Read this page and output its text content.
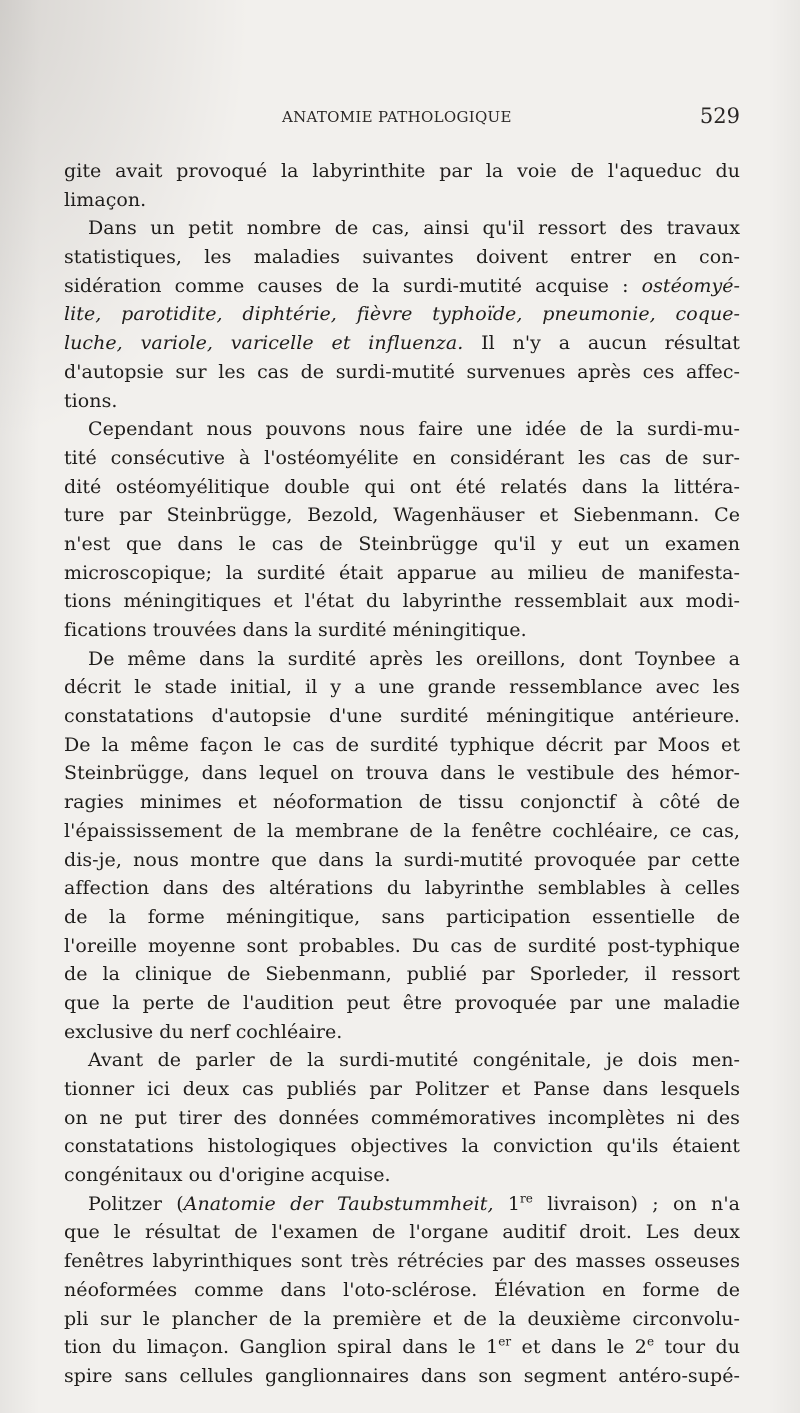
ANATOMIE PATHOLOGIQUE	529
gite avait provoqué la labyrinthite par la voie de l'aqueduc du
limaçon.
Dans un petit nombre de cas, ainsi qu'il ressort des travaux
statistiques, les maladies suivantes doivent entrer en con-
sidération comme causes de la surdi-mutité acquise : ostéomyé-
lite, parotidite, diphtérie, fièvre typhoïde, pneumonie, coque-
luche, variole, varicelle et influenza. Il n'y a aucun résultat
d'autopsie sur les cas de surdi-mutité survenues après ces affec-
tions.
Cependant nous pouvons nous faire une idée de la surdi-mu-
tité consécutive à l'ostéomyélite en considérant les cas de sur-
dité ostéomyélitique double qui ont été relatés dans la littéra-
ture par Steinbrügge, Bezold, Wagenhäuser et Siebenmann. Ce
n'est que dans le cas de Steinbrügge qu'il y eut un examen
microscopique; la surdité était apparue au milieu de manifesta-
tions méningitiques et l'état du labyrinthe ressemblait aux modi-
fications trouvées dans la surdité méningitique.
De même dans la surdité après les oreillons, dont Toynbee a
décrit le stade initial, il y a une grande ressemblance avec les
constatations d'autopsie d'une surdité méningitique antérieure.
De la même façon le cas de surdité typhique décrit par Moos et
Steinbrügge, dans lequel on trouva dans le vestibule des hémor-
ragies minimes et néoformation de tissu conjonctif à côté de
l'épaississement de la membrane de la fenêtre cochléaire, ce cas,
dis-je, nous montre que dans la surdi-mutité provoquée par cette
affection dans des altérations du labyrinthe semblables à celles
de la forme méningitique, sans participation essentielle de
l'oreille moyenne sont probables. Du cas de surdité post-typhique
de la clinique de Siebenmann, publié par Sporleder, il ressort
que la perte de l'audition peut être provoquée par une maladie
exclusive du nerf cochléaire.
Avant de parler de la surdi-mutité congénitale, je dois men-
tionner ici deux cas publiés par Politzer et Panse dans lesquels
on ne put tirer des données commémoratives incomplètes ni des
constatations histologiques objectives la conviction qu'ils étaient
congénitaux ou d'origine acquise.
Politzer (Anatomie der Taubstummheit, 1re livraison) ; on n'a
que le résultat de l'examen de l'organe auditif droit. Les deux
fenêtres labyrinthiques sont très rétrécies par des masses osseuses
néoformées comme dans l'oto-sclérose. Élévation en forme de
pli sur le plancher de la première et de la deuxième circonvolu-
tion du limaçon. Ganglion spiral dans le 1er et dans le 2e tour du
spire sans cellules ganglionnaires dans son segment antéro-supé-
